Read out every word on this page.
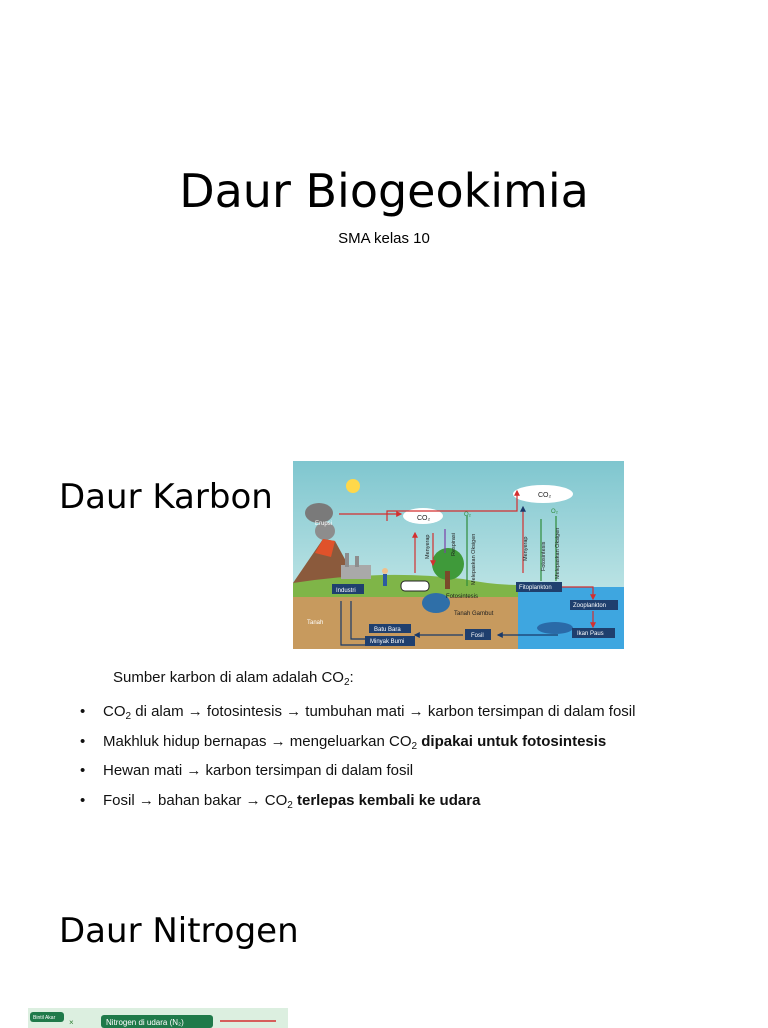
Daur Biogeokimia
SMA kelas 10
Daur Karbon
CO₂
CO₂
Erupsi
Industri
Menyerap	Respirasi	Melepaskan Oksigen
O₂
Fotosintesis
Tanah Gambut
Tanah
Batu Bara
Minyak Bumi
Fosil
Menyerap Fotosintesis Melepaskan Oksigen
O₂
Fitoplankton
Zooplankton
Ikan Paus
Sumber karbon di alam adalah $CO_2$:
• $CO_2$ di alam → fotosintesis → tumbuhan mati → karbon tersimpan di dalam fosil
• Makhluk hidup bernapas → mengeluarkan $CO_2$ dipakai untuk fotosintesis
• Hewan mati → karbon tersimpan di dalam fosil
• Fosil → bahan bakar → $CO_2$ terlepas kembali ke udara
Daur Nitrogen
Bintil Akar ×	Nitrogen di udara (N₂)
